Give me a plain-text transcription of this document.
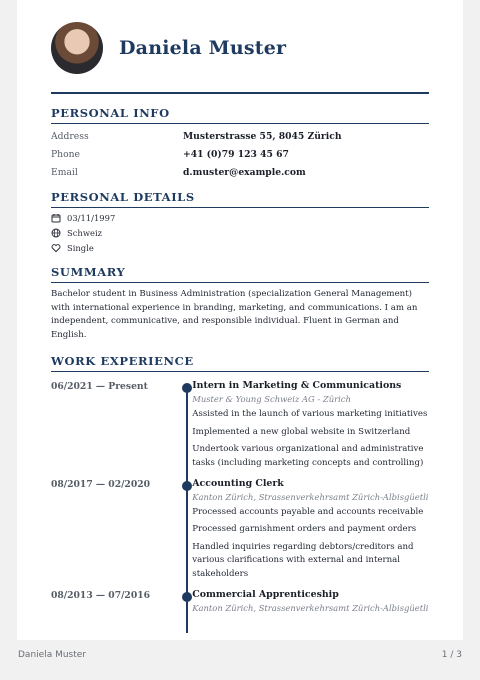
Daniela Muster
PERSONAL INFO
Address	Musterstrasse 55, 8045 Zürich
Phone	+41 (0)79 123 45 67
Email	d.muster@example.com
PERSONAL DETAILS
03/11/1997
Schweiz
Single
SUMMARY
Bachelor student in Business Administration (specialization General Management) with international experience in branding, marketing, and communications. I am an independent, communicative, and responsible individual. Fluent in German and English.
WORK EXPERIENCE
06/2021 — Present	Intern in Marketing & Communications
Muster & Young Schweiz AG - Zürich
Assisted in the launch of various marketing initiatives
Implemented a new global website in Switzerland
Undertook various organizational and administrative tasks (including marketing concepts and controlling)
08/2017 — 02/2020	Accounting Clerk
Kanton Zürich, Strassenverkehrsamt Zürich-Albisgüetli
Processed accounts payable and accounts receivable
Processed garnishment orders and payment orders
Handled inquiries regarding debtors/creditors and various clarifications with external and internal stakeholders
08/2013 — 07/2016	Commercial Apprenticeship
Kanton Zürich, Strassenverkehrsamt Zürich-Albisgüetli
Daniela Muster	1 / 3
